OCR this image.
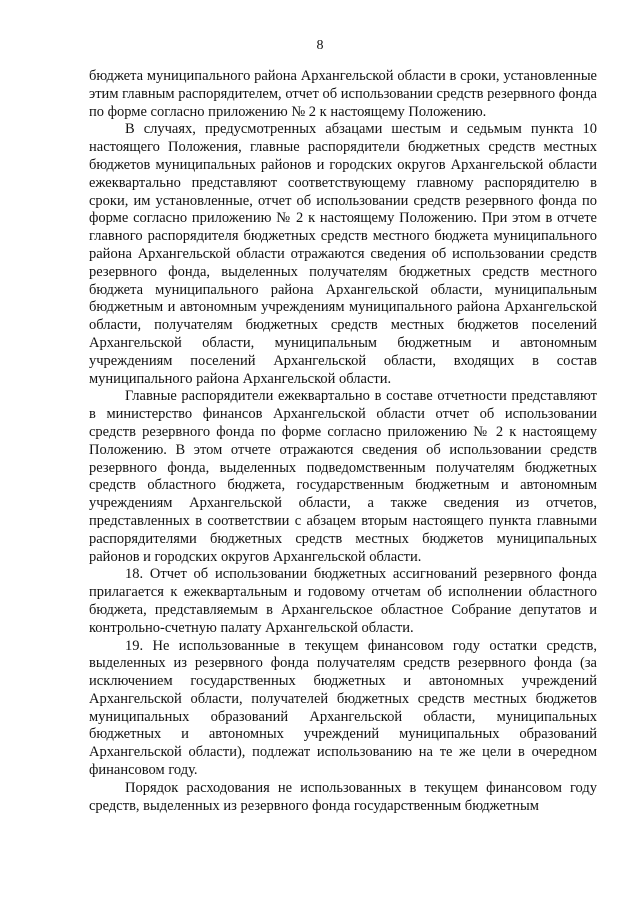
8

бюджета муниципального района Архангельской области в сроки, установленные этим главным распорядителем, отчет об использовании средств резервного фонда по форме согласно приложению № 2 к настоящему Положению.

В случаях, предусмотренных абзацами шестым и седьмым пункта 10 настоящего Положения, главные распорядители бюджетных средств местных бюджетов муниципальных районов и городских округов Архангельской области ежеквартально представляют соответствующему главному распорядителю в сроки, им установленные, отчет об использовании средств резервного фонда по форме согласно приложению № 2 к настоящему Положению. При этом в отчете главного распорядителя бюджетных средств местного бюджета муниципального района Архангельской области отражаются сведения об использовании средств резервного фонда, выделенных получателям бюджетных средств местного бюджета муниципального района Архангельской области, муниципальным бюджетным и автономным учреждениям муниципального района Архангельской области, получателям бюджетных средств местных бюджетов поселений Архангельской области, муниципальным бюджетным и автономным учреждениям поселений Архангельской области, входящих в состав муниципального района Архангельской области.

Главные распорядители ежеквартально в составе отчетности представляют в министерство финансов Архангельской области отчет об использовании средств резервного фонда по форме согласно приложению № 2 к настоящему Положению. В этом отчете отражаются сведения об использовании средств резервного фонда, выделенных подведомственным получателям бюджетных средств областного бюджета, государственным бюджетным и автономным учреждениям Архангельской области, а также сведения из отчетов, представленных в соответствии с абзацем вторым настоящего пункта главными распорядителями бюджетных средств местных бюджетов муниципальных районов и городских округов Архангельской области.

18. Отчет об использовании бюджетных ассигнований резервного фонда прилагается к ежеквартальным и годовому отчетам об исполнении областного бюджета, представляемым в Архангельское областное Собрание депутатов и контрольно-счетную палату Архангельской области.

19. Не использованные в текущем финансовом году остатки средств, выделенных из резервного фонда получателям средств резервного фонда (за исключением государственных бюджетных и автономных учреждений Архангельской области, получателей бюджетных средств местных бюджетов муниципальных образований Архангельской области, муниципальных бюджетных и автономных учреждений муниципальных образований Архангельской области), подлежат использованию на те же цели в очередном финансовом году.

Порядок расходования не использованных в текущем финансовом году средств, выделенных из резервного фонда государственным бюджетным
